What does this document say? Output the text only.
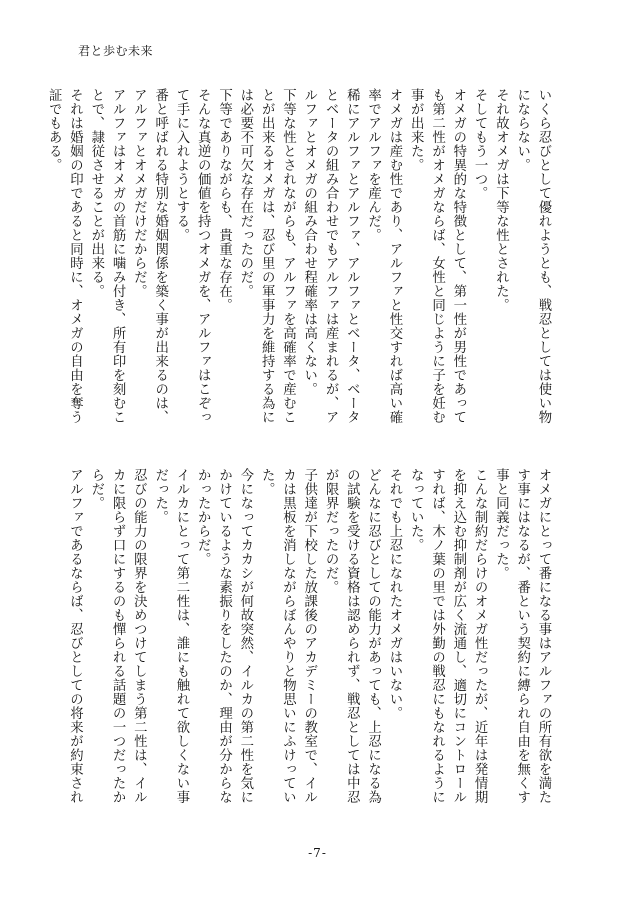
君と歩む未来

いくら忍びとして優れようとも、戦忍としては使い物にならない。

それ故オメガは下等な性とされた。

そしてもう一つ。

オメガの特異的な特徴として、第一性が男性であっても第二性がオメガならば、女性と同じように子を妊む事が出来た。

オメガは産む性であり、アルファと性交すれば高い確率でアルファを産んだ。

稀にアルファとアルファ、アルファとベータ、ベータとベータの組み合わせでもアルファは産まれるが、アルファとオメガの組み合わせ程確率は高くない。

下等な性とされながらも、アルファを高確率で産むことが出来るオメガは、忍び里の軍事力を維持する為には必要不可欠な存在だったのだ。

下等でありながらも、貴重な存在。

そんな真逆の価値を持つオメガを、アルファはこぞって手に入れようとする。

番と呼ばれる特別な婚姻関係を築く事が出来るのは、アルファとオメガだけだからだ。

アルファはオメガの首筋に噛み付き、所有印を刻むことで、隷従させることが出来る。

それは婚姻の印であると同時に、オメガの自由を奪う証でもある。

オメガにとって番になる事はアルファの所有欲を満たす事にはなるが、番という契約に縛られ自由を無くす事と同義だった。

こんな制約だらけのオメガ性だったが、近年は発情期を抑え込む抑制剤が広く流通し、適切にコントロールすれば、木ノ葉の里では外勤の戦忍にもなれるようになっていた。

それでも上忍になれたオメガはいない。

どんなに忍びとしての能力があっても、上忍になる為の試験を受ける資格は認められず、戦忍としては中忍が限界だったのだ。

子供達が下校した放課後のアカデミーの教室で、イルカは黒板を消しながらぼんやりと物思いにふけっていた。

今になってカカシが何故突然、イルカの第二性を気にかけているような素振りをしたのか、理由が分からなかったからだ。

イルカにとって第二性は、誰にも触れて欲しくない事だった。

忍びの能力の限界を決めつけてしまう第二性は、イルカに限らず口にするのも憚られる話題の一つだったからだ。

アルファであるならば、忍びとしての将来が約束され

-7-
